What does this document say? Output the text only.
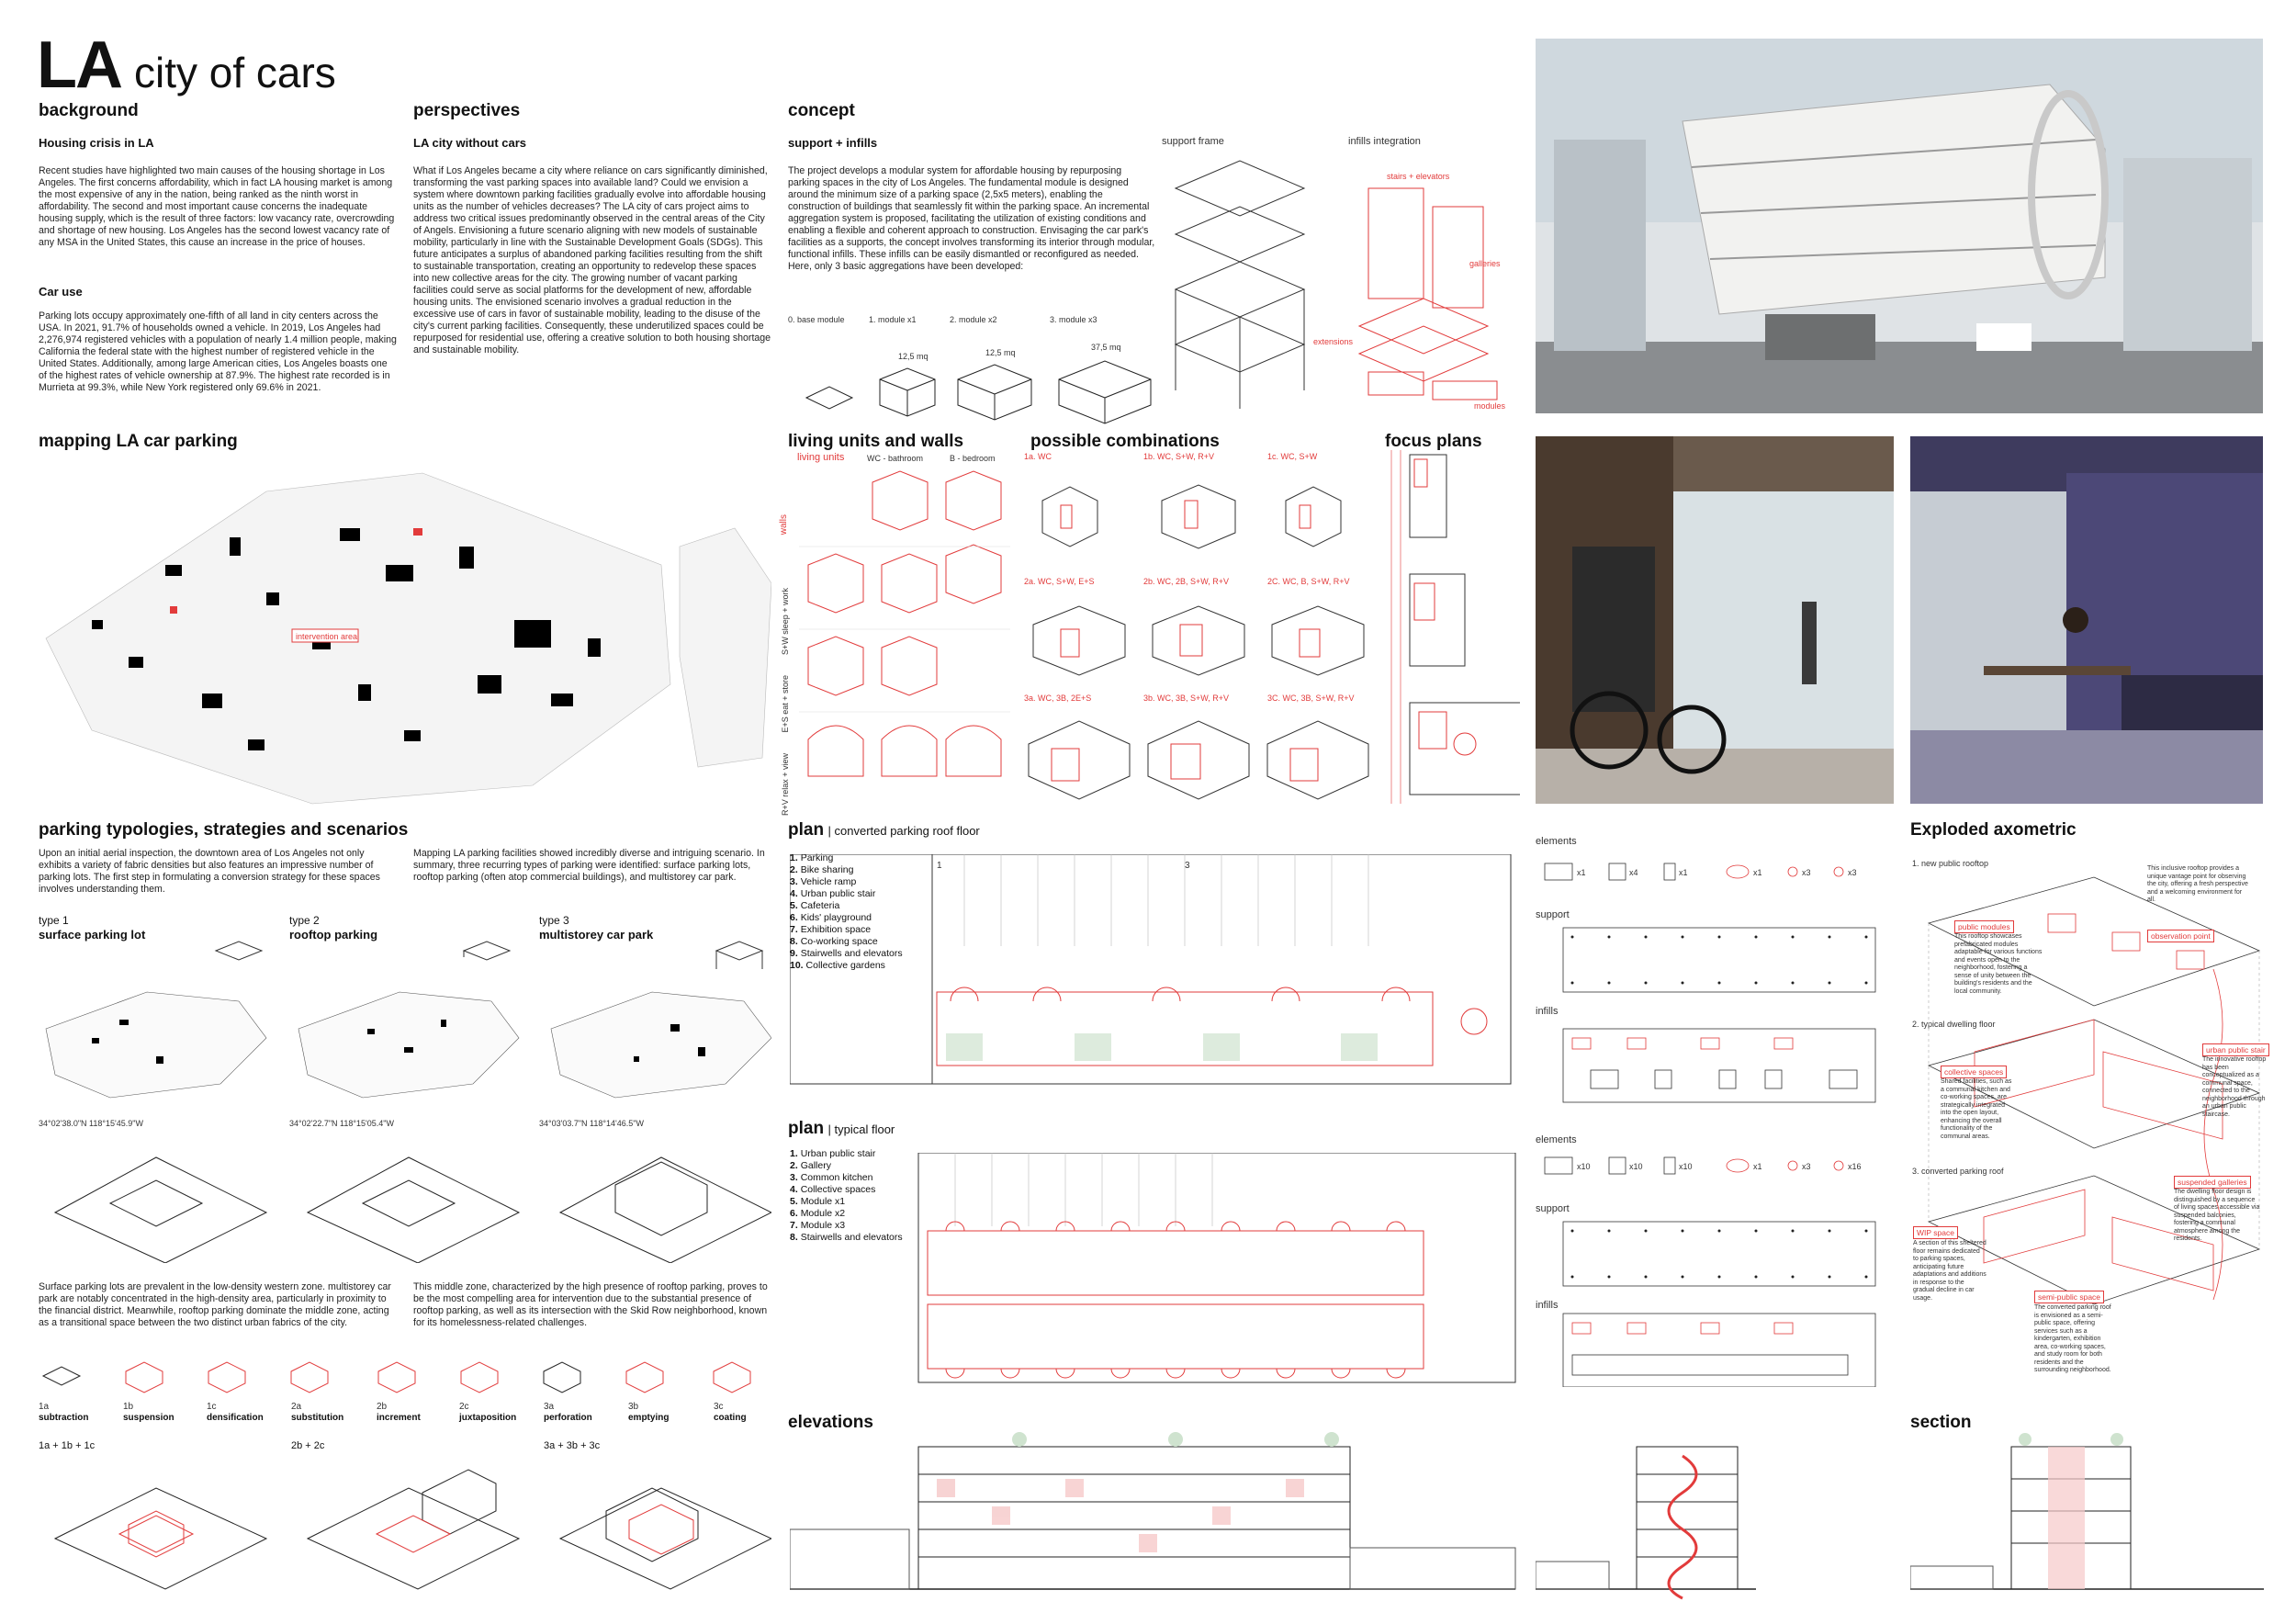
LA city of cars
background
Housing crisis in LA
Recent studies have highlighted two main causes of the housing shortage in Los Angeles. The first concerns affordability, which in fact LA housing market is among the most expensive of any in the nation, being ranked as the ninth worst in affordability. The second and most important cause concerns the inadequate housing supply, which is the result of three factors: low vacancy rate, overcrowding and shortage of new housing. Los Angeles has the second lowest vacancy rate of any MSA in the United States, this cause an increase in the price of houses.
Car use
Parking lots occupy approximately one-fifth of all land in city centers across the USA. In 2021, 91.7% of households owned a vehicle. In 2019, Los Angeles had 2,276,974 registered vehicles with a population of nearly 1.4 million people, making California the federal state with the highest number of registered vehicle in the United States. Additionally, among large American cities, Los Angeles boasts one of the highest rates of vehicle ownership at 87.9%. The highest rate recorded is in Murrieta at 99.3%, while New York registered only 69.6% in 2021.
perspectives
LA city without cars
What if Los Angeles became a city where reliance on cars significantly diminished, transforming the vast parking spaces into available land? Could we envision a system where downtown parking facilities gradually evolve into affordable housing units as the number of vehicles decreases? The LA city of cars project aims to address two critical issues predominantly observed in the central areas of the City of Angels. Envisioning a future scenario aligning with new models of sustainable mobility, particularly in line with the Sustainable Development Goals (SDGs). This future anticipates a surplus of abandoned parking facilities resulting from the shift to sustainable transportation, creating an opportunity to redevelop these spaces into new collective areas for the city. The growing number of vacant parking facilities could serve as social platforms for the development of new, affordable housing units. The envisioned scenario involves a gradual reduction in the excessive use of cars in favor of sustainable mobility, leading to the disuse of the city's current parking facilities. Consequently, these underutilized spaces could be repurposed for residential use, offering a creative solution to both housing shortage and sustainable mobility.
concept
support + infills
The project develops a modular system for affordable housing by repurposing parking spaces in the city of Los Angeles. The fundamental module is designed around the minimum size of a parking space (2,5x5 meters), enabling the construction of buildings that seamlessly fit within the parking space. An incremental aggregation system is proposed, facilitating the utilization of existing conditions and enabling a flexible and coherent approach to construction. Envisaging the car park's facilities as a supports, the concept involves transforming its interior through modular, functional infills. These infills can be easily dismantled or reconfigured as needed. Here, only 3 basic aggregations have been developed:
0. base module	1. module x1	2. module x2	3. module x3
12,5 mq	12,5 mq
37,5 mq
support frame	infills integration
stairs + elevators
galleries
extensions
modules
mapping LA car parking
intervention area
living units and walls
living units	WC - bathroom	B - bedroom
walls
S+W sleep + work
E+S eat + store
R+V relax + view
possible combinations
1a. WC	1b. WC, S+W, R+V	1c. WC, S+W
2a. WC, S+W, E+S	2b. WC, 2B, S+W, R+V	2C. WC, B, S+W, R+V
3a. WC, 3B, 2E+S	3b. WC, 3B, S+W, R+V	3C. WC, 3B, S+W, R+V
focus plans
parking typologies, strategies and scenarios
Upon an initial aerial inspection, the downtown area of Los Angeles not only exhibits a variety of fabric densities but also features an impressive number of parking lots. The first step in formulating a conversion strategy for these spaces involves understanding them.
Mapping LA parking facilities showed incredibly diverse and intriguing scenario. In summary, three recurring types of parking were identified: surface parking lots, rooftop parking (often atop commercial buildings), and multistorey car park.
type 1
surface parking lot
type 2
rooftop parking
type 3
multistorey car park
34°02'38.0"N 118°15'45.9"W	34°02'22.7"N 118°15'05.4"W	34°03'03.7"N 118°14'46.5"W
Surface parking lots are prevalent in the low-density western zone. multistorey car park are notably concentrated in the high-density area, particularly in proximity to the financial district. Meanwhile, rooftop parking dominate the middle zone, acting as a transitional space between the two distinct urban fabrics of the city.
This middle zone, characterized by the high presence of rooftop parking, proves to be the most compelling area for intervention due to the substantial presence of rooftop parking, as well as its intersection with the Skid Row neighborhood, known for its homelessness-related challenges.
1a
subtraction
1b
suspension
1c
densification
2a
substitution
2b
increment
2c
juxtaposition
3a
perforation
3b
emptying
3c
coating
1a + 1b + 1c	2b + 2c	3a + 3b + 3c
plan | converted parking roof floor
1. Parking
2. Bike sharing
3. Vehicle ramp
4. Urban public stair
5. Cafeteria
6. Kids' playground
7. Exhibition space
8. Co-working space
9. Stairwells and elevators
10. Collective gardens
1	3
plan | typical floor
1. Urban public stair
2. Gallery
3. Common kitchen
4. Collective spaces
5. Module x1
6. Module x2
7. Module x3
8. Stairwells and elevators
elements
support
infills
elements
support
infills
x1	x4	x1	x1	x3	x3
x10	x10	x10	x1	x3	x16
Exploded axometric
1. new public rooftop
2. typical dwelling floor
3. converted parking roof
public modules
observation point
collective spaces
urban public stair
suspended galleries
WIP space
semi-public space
This inclusive rooftop provides a unique vantage point for observing the city, offering a fresh perspective and a welcoming environment for all.
This rooftop showcases prefabricated modules adaptable for various functions and events open to the neighborhood, fostering a sense of unity between the building's residents and the local community.
Shared facilities, such as a communal kitchen and co-working spaces, are strategically integrated into the open layout, enhancing the overall functionality of the communal areas.
The innovative rooftop has been conceptualized as a communal space, connected to the neighborhood through an urban public staircase.
The dwelling floor design is distinguished by a sequence of living spaces accessible via suspended balconies, fostering a communal atmosphere among the residents.
A section of this sheltered floor remains dedicated to parking spaces, anticipating future adaptations and additions in response to the gradual decline in car usage.
The converted parking roof is envisioned as a semi-public space, offering services such as a kindergarten, exhibition area, co-working spaces, and study room for both residents and the surrounding neighborhood.
elevations	section
